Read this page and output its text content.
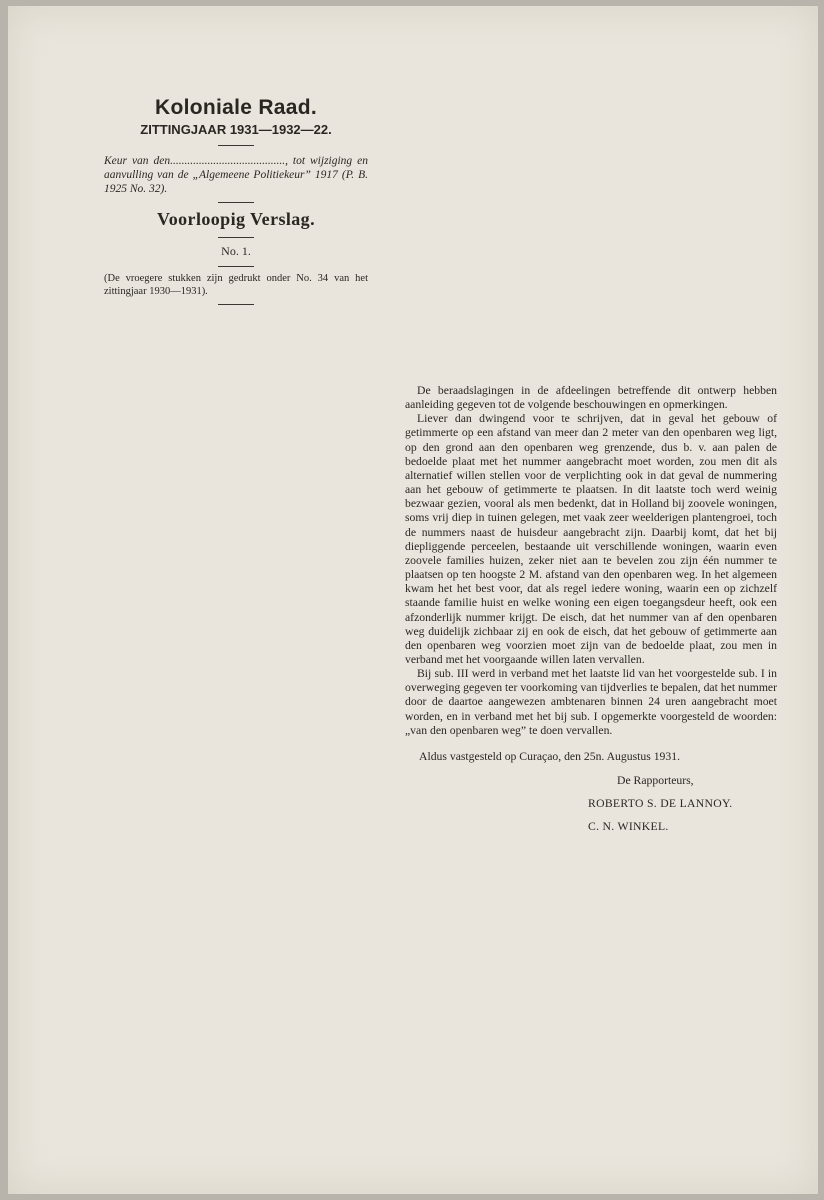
Koloniale Raad.
ZITTINGJAAR 1931—1932—22.
Keur van den........................................, tot wijziging en aanvulling van de „Algemeene Politiekeur” 1917 (P. B. 1925 No. 32).
Voorloopig Verslag.
No. 1.
(De vroegere stukken zijn gedrukt onder No. 34 van het zittingjaar 1930—1931).

De beraadslagingen in de afdeelingen betreffende dit ontwerp hebben aanleiding gegeven tot de volgende beschouwingen en opmerkingen.

Liever dan dwingend voor te schrijven, dat in geval het gebouw of getimmerte op een afstand van meer dan 2 meter van den openbaren weg ligt, op den grond aan den openbaren weg grenzende, dus b. v. aan palen de bedoelde plaat met het nummer aangebracht moet worden, zou men dit als alternatief willen stellen voor de verplichting ook in dat geval de nummering aan het gebouw of getimmerte te plaatsen. In dit laatste toch werd weinig bezwaar gezien, vooral als men bedenkt, dat in Holland bij zoovele woningen, soms vrij diep in tuinen gelegen, met vaak zeer weelderigen plantengroei, toch de nummers naast de huisdeur aangebracht zijn. Daarbij komt, dat het bij diepliggende perceelen, bestaande uit verschillende woningen, waarin even zoovele families huizen, zeker niet aan te bevelen zou zijn één nummer te plaatsen op ten hoogste 2 M. afstand van den openbaren weg. In het algemeen kwam het het best voor, dat als regel iedere woning, waarin een op zichzelf staande familie huist en welke woning een eigen toegangsdeur heeft, ook een afzonderlijk nummer krijgt. De eisch, dat het nummer van af den openbaren weg duidelijk zichbaar zij en ook de eisch, dat het gebouw of getimmerte aan den openbaren weg voorzien moet zijn van de bedoelde plaat, zou men in verband met het voorgaande willen laten vervallen.

Bij sub. III werd in verband met het laatste lid van het voorgestelde sub. I in overweging gegeven ter voorkoming van tijdverlies te bepalen, dat het nummer door de daartoe aangewezen ambtenaren binnen 24 uren aangebracht moet worden, en in verband met het bij sub. I opgemerkte voorgesteld de woorden: „van den openbaren weg” te doen vervallen.

Aldus vastgesteld op Curaçao, den 25n. Augustus 1931.

De Rapporteurs,

ROBERTO S. DE LANNOY.

C. N. WINKEL.
